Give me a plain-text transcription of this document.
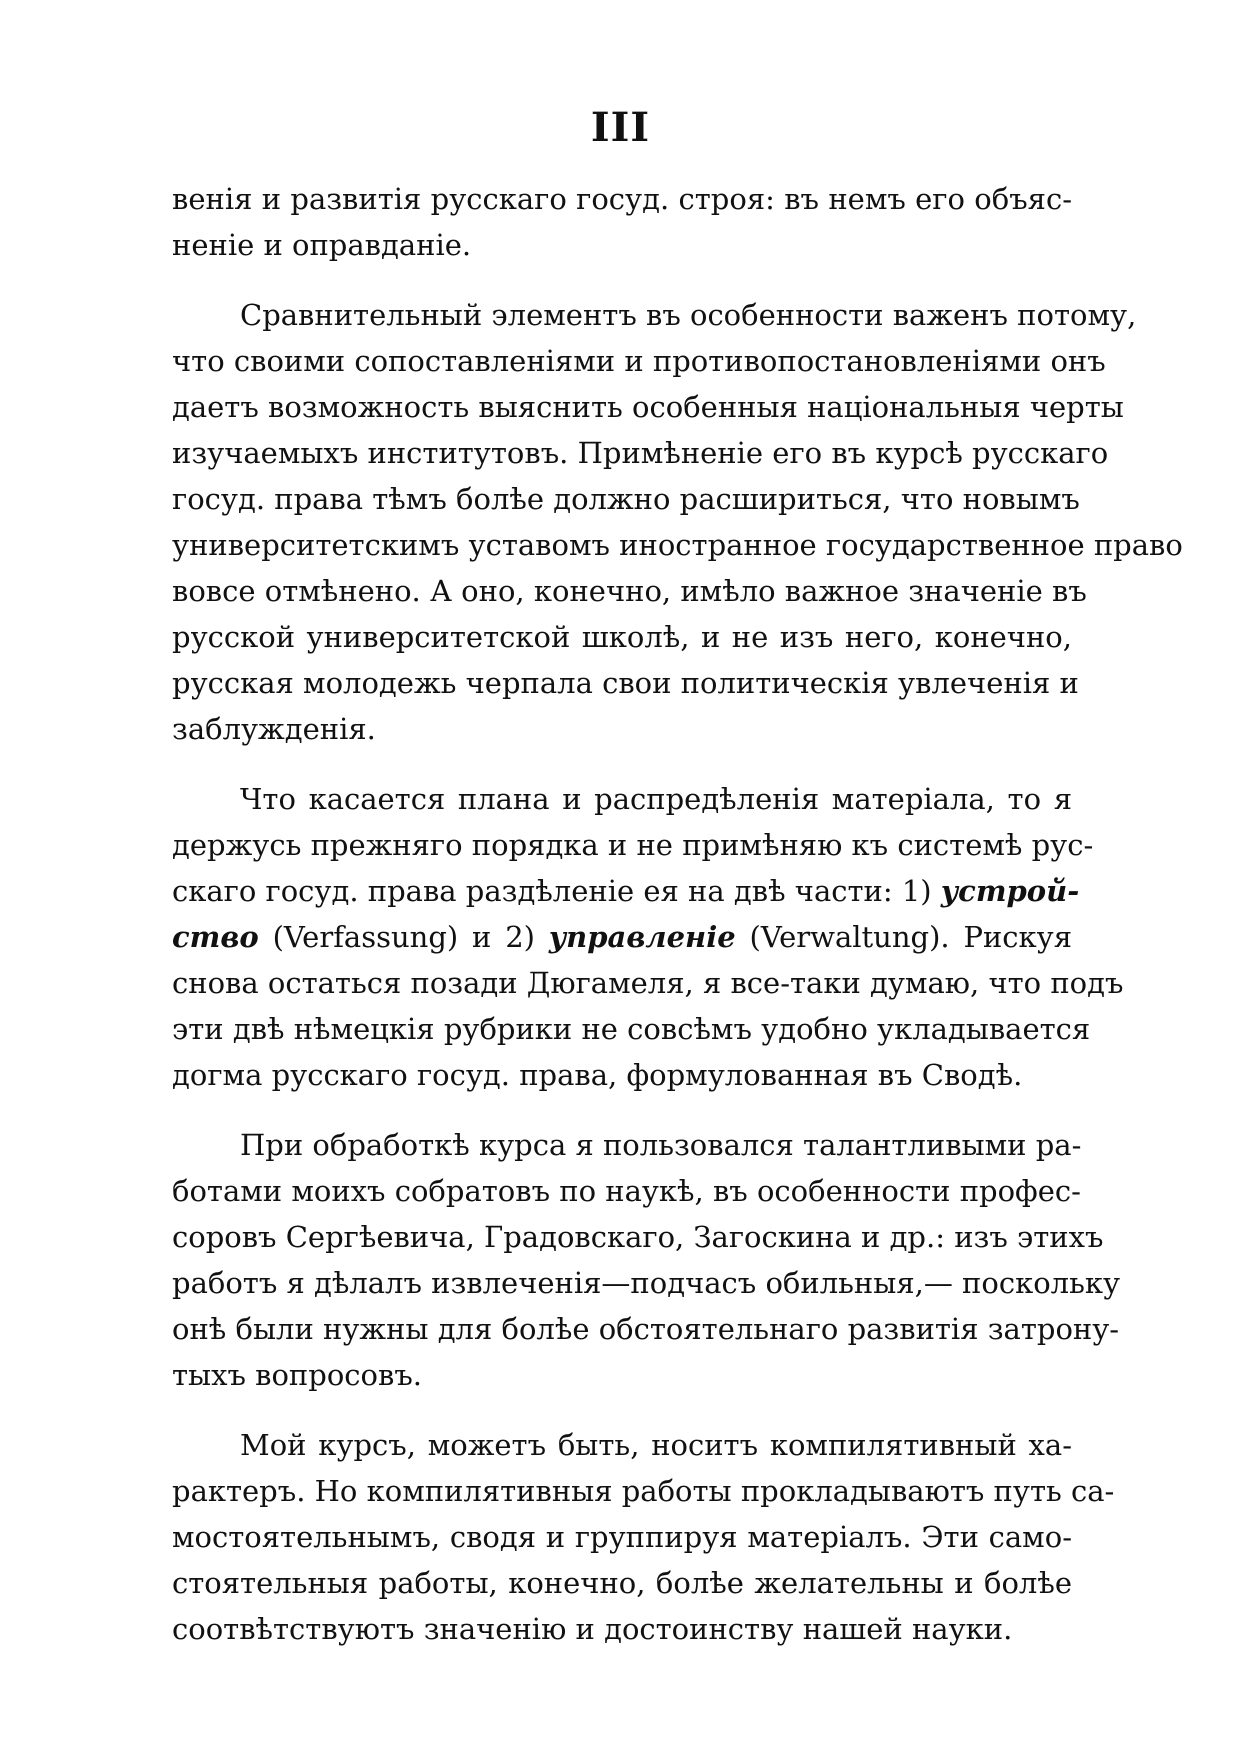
III
венія и развитія русскаго госуд. строя: въ немъ его объяс-
неніе и оправданіе.
Сравнительный элементъ въ особенности важенъ потому,
что своими сопоставленіями и противопостановленіями онъ
даетъ возможность выяснить особенныя національныя черты
изучаемыхъ институтовъ. Примѣненіе его въ курсѣ русскаго
госуд. права тѣмъ болѣе должно расшириться, что новымъ
университетскимъ уставомъ иностранное государственное право
вовсе отмѣнено. А оно, конечно, имѣло важное значеніе въ
русской университетской школѣ, и не изъ него, конечно,
русская молодежь черпала свои политическія увлеченія и
заблужденія.
Что касается плана и распредѣленія матеріала, то я
держусь прежняго порядка и не примѣняю къ системѣ рус-
скаго госуд. права раздѣленіе ея на двѣ части: 1) устрой-
ство (Verfassung) и 2) управленіе (Verwaltung). Рискуя
снова остаться позади Дюгамеля, я все-таки думаю, что подъ
эти двѣ нѣмецкія рубрики не совсѣмъ удобно укладывается
догма русскаго госуд. права, формулованная въ Сводѣ.
При обработкѣ курса я пользовался талантливыми ра-
ботами моихъ собратовъ по наукѣ, въ особенности профес-
соровъ Сергѣевича, Градовскаго, Загоскина и др.: изъ этихъ
работъ я дѣлалъ извлеченія—подчасъ обильныя,— поскольку
онѣ были нужны для болѣе обстоятельнаго развитія затрону-
тыхъ вопросовъ.
Мой курсъ, можетъ быть, носитъ компилятивный ха-
рактеръ. Но компилятивныя работы прокладываютъ путь са-
мостоятельнымъ, сводя и группируя матеріалъ. Эти само-
стоятельныя работы, конечно, болѣе желательны и болѣе
соотвѣтствуютъ значенію и достоинству нашей науки.
